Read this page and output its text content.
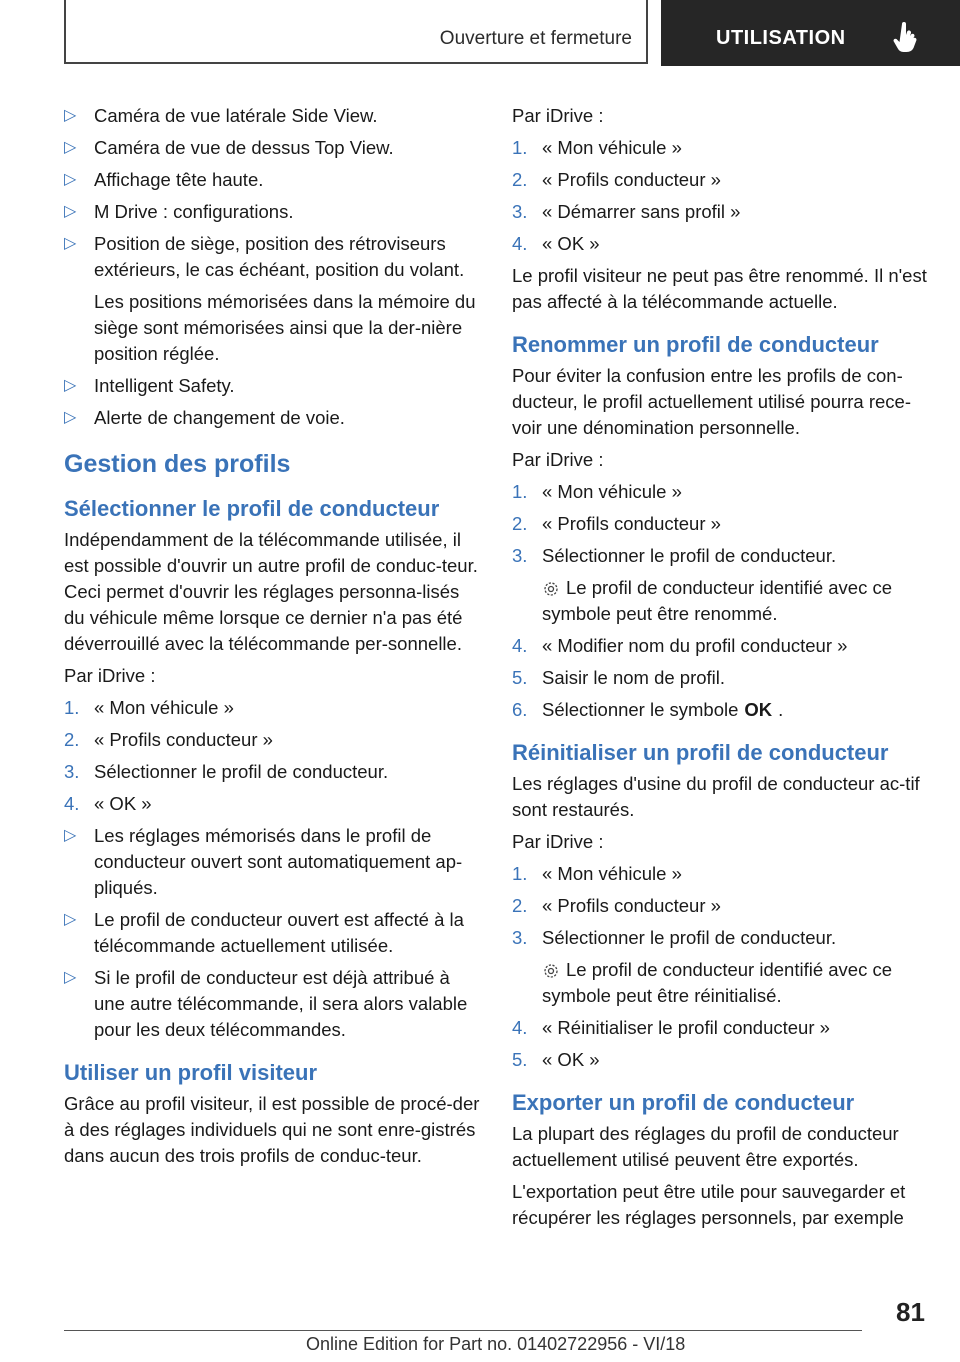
Ouverture et fermeture	UTILISATION
▷ Caméra de vue latérale Side View.
▷ Caméra de vue de dessus Top View.
▷ Affichage tête haute.
▷ M Drive : configurations.
▷ Position de siège, position des rétroviseurs extérieurs, le cas échéant, position du volant.
Les positions mémorisées dans la mémoire du siège sont mémorisées ainsi que la der-nière position réglée.
▷ Intelligent Safety.
▷ Alerte de changement de voie.
Gestion des profils
Sélectionner le profil de conducteur

Indépendamment de la télécommande utilisée, il est possible d'ouvrir un autre profil de conduc-teur. Ceci permet d'ouvrir les réglages personna-lisés du véhicule même lorsque ce dernier n'a pas été déverrouillé avec la télécommande per-sonnelle.

Par iDrive :

1. « Mon véhicule »
2. « Profils conducteur »
3. Sélectionner le profil de conducteur.
4. « OK »
▷ Les réglages mémorisés dans le profil de conducteur ouvert sont automatiquement ap-pliqués.
▷ Le profil de conducteur ouvert est affecté à la télécommande actuellement utilisée.
▷ Si le profil de conducteur est déjà attribué à une autre télécommande, il sera alors valable pour les deux télécommandes.
Utiliser un profil visiteur

Grâce au profil visiteur, il est possible de procé-der à des réglages individuels qui ne sont enre-gistrés dans aucun des trois profils de conduc-teur.

Par iDrive :

1. « Mon véhicule »
2. « Profils conducteur »
3. « Démarrer sans profil »
4. « OK »

Le profil visiteur ne peut pas être renommé. Il n'est pas affecté à la télécommande actuelle.

Renommer un profil de conducteur

Pour éviter la confusion entre les profils de con-ducteur, le profil actuellement utilisé pourra rece-voir une dénomination personnelle.

Par iDrive :

1. « Mon véhicule »
2. « Profils conducteur »
3. Sélectionner le profil de conducteur.
Le profil de conducteur identifié avec ce symbole peut être renommé.
4. « Modifier nom du profil conducteur »
5. Saisir le nom de profil.
6. Sélectionner le symbole OK .
Réinitialiser un profil de conducteur

Les réglages d'usine du profil de conducteur ac-tif sont restaurés.

Par iDrive :

1. « Mon véhicule »
2. « Profils conducteur »
3. Sélectionner le profil de conducteur.
Le profil de conducteur identifié avec ce symbole peut être réinitialisé.
4. « Réinitialiser le profil conducteur »
5. « OK »
Exporter un profil de conducteur

La plupart des réglages du profil de conducteur actuellement utilisé peuvent être exportés.

L'exportation peut être utile pour sauvegarder et récupérer les réglages personnels, par exemple

81
Online Edition for Part no. 01402722956 - VI/18
